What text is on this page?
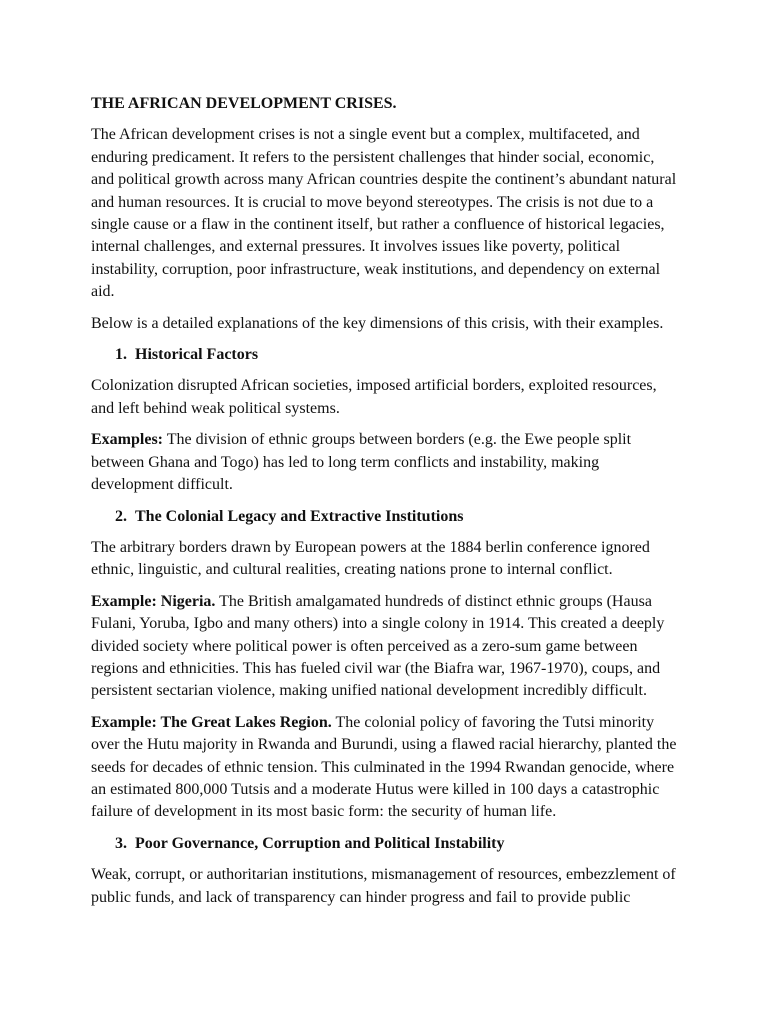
THE AFRICAN DEVELOPMENT CRISES.

The African development crises is not a single event but a complex, multifaceted, and enduring predicament. It refers to the persistent challenges that hinder social, economic, and political growth across many African countries despite the continent’s abundant natural and human resources. It is crucial to move beyond stereotypes. The crisis is not due to a single cause or a flaw in the continent itself, but rather a confluence of historical legacies, internal challenges, and external pressures. It involves issues like poverty, political instability, corruption, poor infrastructure, weak institutions, and dependency on external aid.

Below is a detailed explanations of the key dimensions of this crisis, with their examples.

1. Historical Factors

Colonization disrupted African societies, imposed artificial borders, exploited resources, and left behind weak political systems.

Examples: The division of ethnic groups between borders (e.g. the Ewe people split between Ghana and Togo) has led to long term conflicts and instability, making development difficult.

2. The Colonial Legacy and Extractive Institutions

The arbitrary borders drawn by European powers at the 1884 berlin conference ignored ethnic, linguistic, and cultural realities, creating nations prone to internal conflict.

Example: Nigeria. The British amalgamated hundreds of distinct ethnic groups (Hausa Fulani, Yoruba, Igbo and many others) into a single colony in 1914. This created a deeply divided society where political power is often perceived as a zero-sum game between regions and ethnicities. This has fueled civil war (the Biafra war, 1967-1970), coups, and persistent sectarian violence, making unified national development incredibly difficult.

Example: The Great Lakes Region. The colonial policy of favoring the Tutsi minority over the Hutu majority in Rwanda and Burundi, using a flawed racial hierarchy, planted the seeds for decades of ethnic tension. This culminated in the 1994 Rwandan genocide, where an estimated 800,000 Tutsis and a moderate Hutus were killed in 100 days a catastrophic failure of development in its most basic form: the security of human life.

3. Poor Governance, Corruption and Political Instability

Weak, corrupt, or authoritarian institutions, mismanagement of resources, embezzlement of public funds, and lack of transparency can hinder progress and fail to provide public
